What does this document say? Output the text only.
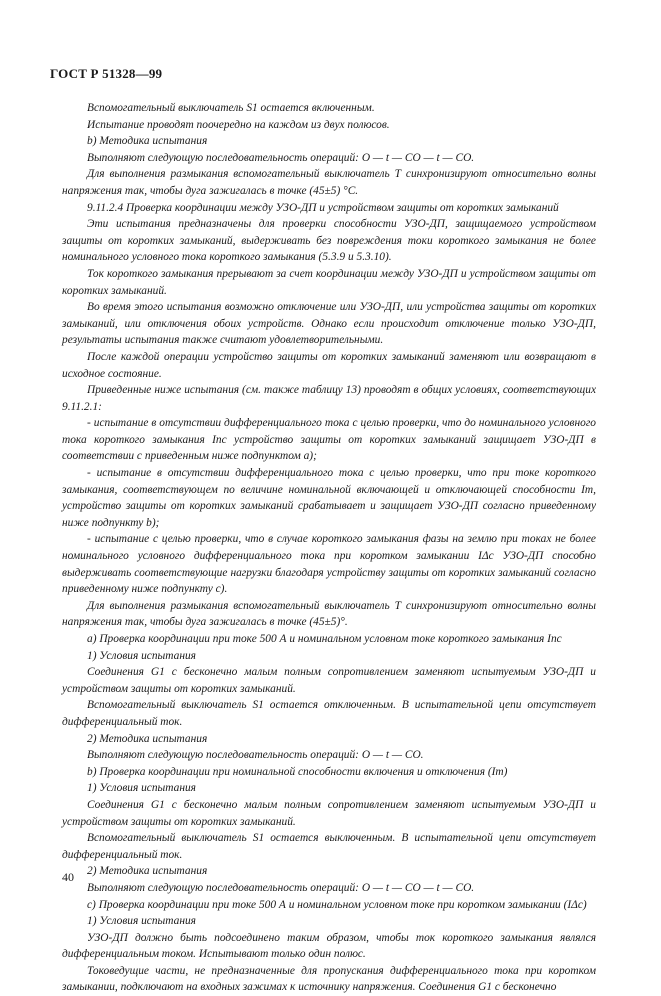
ГОСТ Р 51328—99

Вспомогательный выключатель S1 остается включенным.

Испытание проводят поочередно на каждом из двух полюсов.

b) Методика испытания

Выполняют следующую последовательность операций: О — t — CO — t — CO.

Для выполнения размыкания вспомогательный выключатель Т синхронизируют относительно волны напряжения так, чтобы дуга зажигалась в точке (45±5) °С.

9.11.2.4 Проверка координации между УЗО-ДП и устройством защиты от коротких замыканий

Эти испытания предназначены для проверки способности УЗО-ДП, защищаемого устройством защиты от коротких замыканий, выдерживать без повреждения токи короткого замыкания не более номинального условного тока короткого замыкания (5.3.9 и 5.3.10).

Ток короткого замыкания прерывают за счет координации между УЗО-ДП и устройством защиты от коротких замыканий.

Во время этого испытания возможно отключение или УЗО-ДП, или устройства защиты от коротких замыканий, или отключения обоих устройств. Однако если происходит отключение только УЗО-ДП, результаты испытания также считают удовлетворительными.

После каждой операции устройство защиты от коротких замыканий заменяют или возвращают в исходное состояние.

Приведенные ниже испытания (см. также таблицу 13) проводят в общих условиях, соответствующих 9.11.2.1:

- испытание в отсутствии дифференциального тока с целью проверки, что до номинального условного тока короткого замыкания Inc устройство защиты от коротких замыканий защищает УЗО-ДП в соответствии с приведенным ниже подпунктом а);

- испытание в отсутствии дифференциального тока с целью проверки, что при токе короткого замыкания, соответствующем по величине номинальной включающей и отключающей способности Im, устройство защиты от коротких замыканий срабатывает и защищает УЗО-ДП согласно приведенному ниже подпункту b);

- испытание с целью проверки, что в случае короткого замыкания фазы на землю при токах не более номинального условного дифференциального тока при коротком замыкании IΔc УЗО-ДП способно выдерживать соответствующие нагрузки благодаря устройству защиты от коротких замыканий согласно приведенному ниже подпункту с).

Для выполнения размыкания вспомогательный выключатель Т синхронизируют относительно волны напряжения так, чтобы дуга зажигалась в точке (45±5)°.

а) Проверка координации при токе 500 А и номинальном условном токе короткого замыкания Inc

1) Условия испытания

Соединения G1 с бесконечно малым полным сопротивлением заменяют испытуемым УЗО-ДП и устройством защиты от коротких замыканий.

Вспомогательный выключатель S1 остается отключенным. В испытательной цепи отсутствует дифференциальный ток.

2) Методика испытания

Выполняют следующую последовательность операций: О — t — CO.

b) Проверка координации при номинальной способности включения и отключения (Im)

1) Условия испытания

Соединения G1 с бесконечно малым полным сопротивлением заменяют испытуемым УЗО-ДП и устройством защиты от коротких замыканий.

Вспомогательный выключатель S1 остается выключенным. В испытательной цепи отсутствует дифференциальный ток.

2) Методика испытания

Выполняют следующую последовательность операций: О — t — CO — t — CO.

с) Проверка координации при токе 500 А и номинальном условном токе при коротком замыкании (IΔc)

1) Условия испытания

УЗО-ДП должно быть подсоединено таким образом, чтобы ток короткого замыкания являлся дифференциальным током. Испытывают только один полюс.

Токоведущие части, не предназначенные для пропускания дифференциального тока при коротком замыкании, подключают на входных зажимах к источнику напряжения. Соединения G1 с бесконечно

40
